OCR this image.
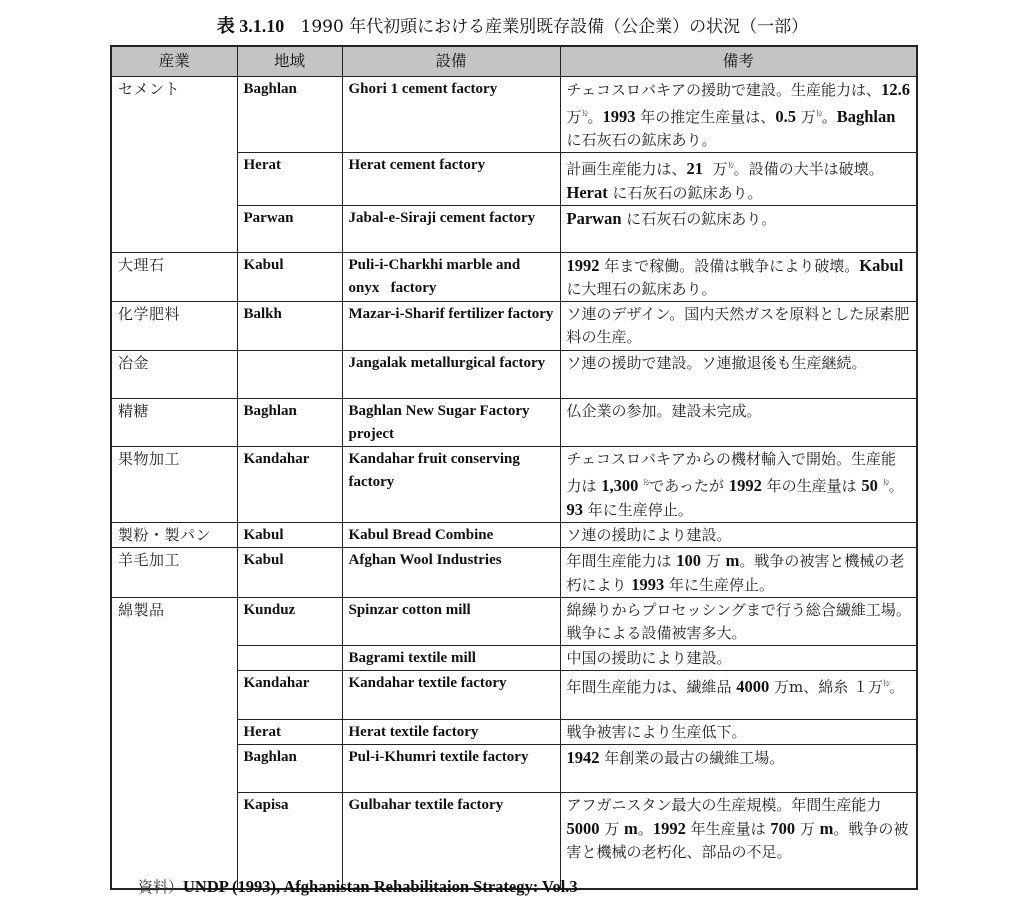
表 3.1.10 1990 年代初頭における産業別既存設備（公企業）の状況（一部）
産業	地域	設備	備考
セメント	Baghlan	Ghori 1 cement factory	チェコスロバキアの援助で建設。生産能力は、12.6 万$^{ﾄﾝ}$。1993 年の推定生産量は、0.5 万$^{ﾄﾝ}$。Baghlan に石灰石の鉱床あり。
	Herat	Herat cement factory	計画生産能力は、21  万$^{ﾄﾝ}$。設備の大半は破壊。Herat に石灰石の鉱床あり。
	Parwan	Jabal-e-Siraji cement factory	Parwan に石灰石の鉱床あり。
大理石	Kabul	Puli-i-Charkhi marble and onyx   factory	1992 年まで稼働。設備は戦争により破壊。Kabul に大理石の鉱床あり。
化学肥料	Balkh	Mazar-i-Sharif fertilizer factory	ソ連のデザイン。国内天然ガスを原料とした尿素肥料の生産。
冶金		Jangalak metallurgical factory	ソ連の援助で建設。ソ連撤退後も生産継続。
精糖	Baghlan	Baghlan New Sugar Factory project	仏企業の参加。建設未完成。
果物加工	Kandahar	Kandahar fruit conserving factory	チェコスロバキアからの機材輸入で開始。生産能力は 1,300 $^{ﾄﾝ}$であったが 1992 年の生産量は 50 $^{ﾄﾝ}$。93 年に生産停止。
製粉・製パン	Kabul	Kabul Bread Combine	ソ連の援助により建設。
羊毛加工	Kabul	Afghan Wool Industries	年間生産能力は 100 万 m。戦争の被害と機械の老朽により 1993 年に生産停止。
綿製品	Kunduz	Spinzar cotton mill	綿繰りからプロセッシングまで行う総合繊維工場。戦争による設備被害多大。
		Bagrami textile mill	中国の援助により建設。
	Kandahar	Kandahar textile factory	年間生産能力は、繊維品 4000 万m、綿糸 １万$^{ﾄﾝ}$。
	Herat	Herat textile factory	戦争被害により生産低下。
	Baghlan	Pul-i-Khumri textile factory	1942 年創業の最古の繊維工場。
	Kapisa	Gulbahar textile factory	アフガニスタン最大の生産規模。年間生産能力 5000 万 m。1992 年生産量は 700 万 m。戦争の被害と機械の老朽化、部品の不足。
資料）UNDP (1993), Afghanistan Rehabilitaion Strategy: Vol.3
